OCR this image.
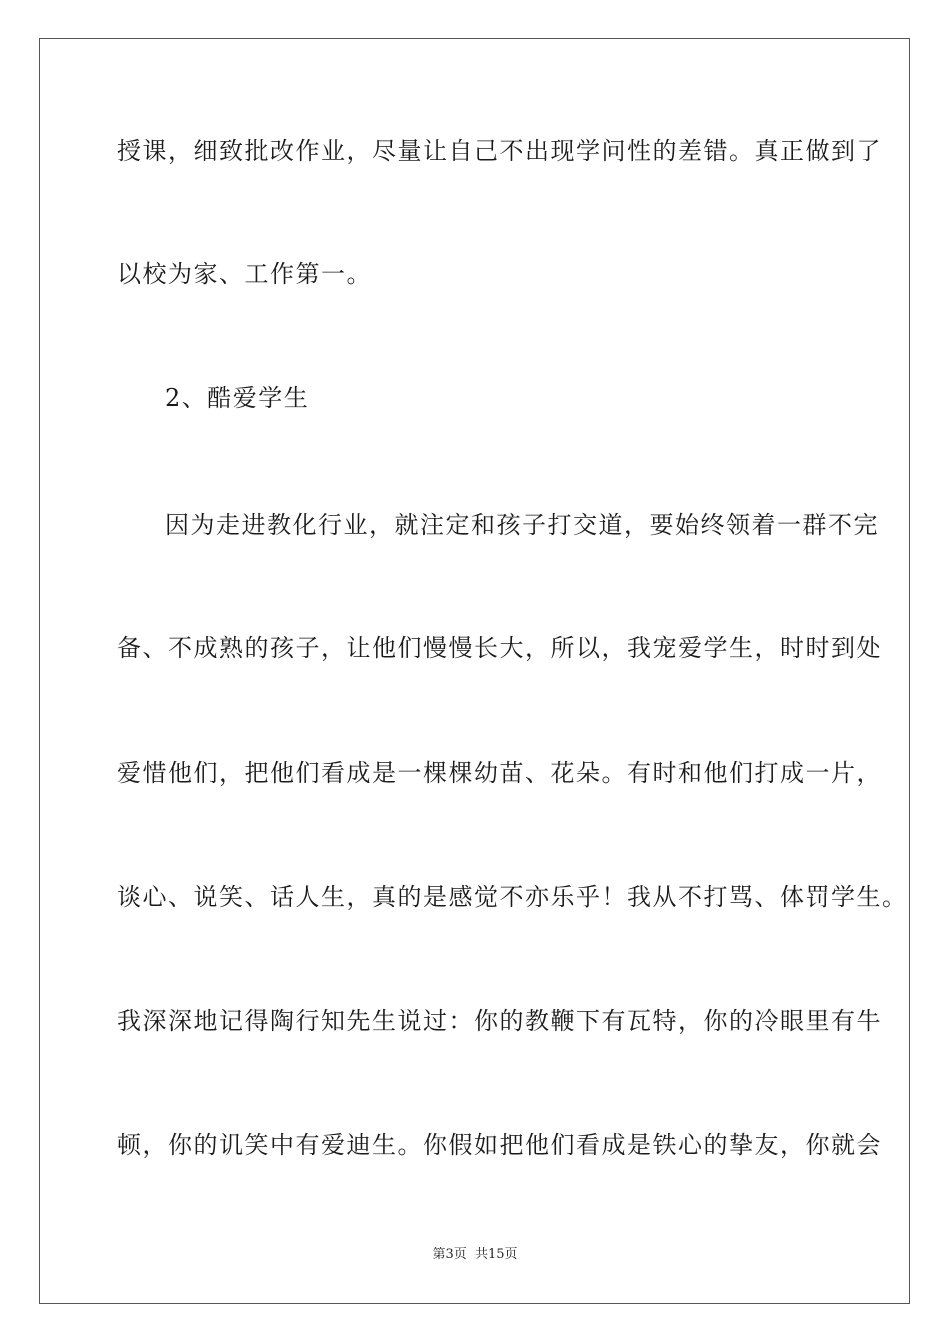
授课，细致批改作业，尽量让自己不出现学问性的差错。真正做到了
以校为家、工作第一。
2、酷爱学生
因为走进教化行业，就注定和孩子打交道，要始终领着一群不完
备、不成熟的孩子，让他们慢慢长大，所以，我宠爱学生，时时到处
爱惜他们，把他们看成是一棵棵幼苗、花朵。有时和他们打成一片，
谈心、说笑、话人生，真的是感觉不亦乐乎！我从不打骂、体罚学生。
我深深地记得陶行知先生说过：你的教鞭下有瓦特，你的冷眼里有牛
顿，你的讥笑中有爱迪生。你假如把他们看成是铁心的挚友，你就会
第3页 共15页
